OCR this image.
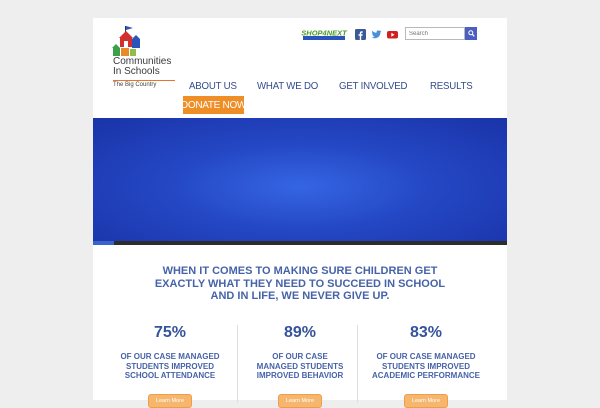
Communities
In Schools
The Big Country
SHOP4NEXT
Search
ABOUT US WHAT WE DO GET INVOLVED RESULTS
DONATE NOW
WHEN IT COMES TO MAKING SURE CHILDREN GET
EXACTLY WHAT THEY NEED TO SUCCEED IN SCHOOL
AND IN LIFE, WE NEVER GIVE UP.
75%
OF OUR CASE MANAGED
STUDENTS IMPROVED
SCHOOL ATTENDANCE
Learn More
89%
OF OUR CASE
MANAGED STUDENTS
IMPROVED BEHAVIOR
Learn More
83%
OF OUR CASE MANAGED
STUDENTS IMPROVED
ACADEMIC PERFORMANCE
Learn More
